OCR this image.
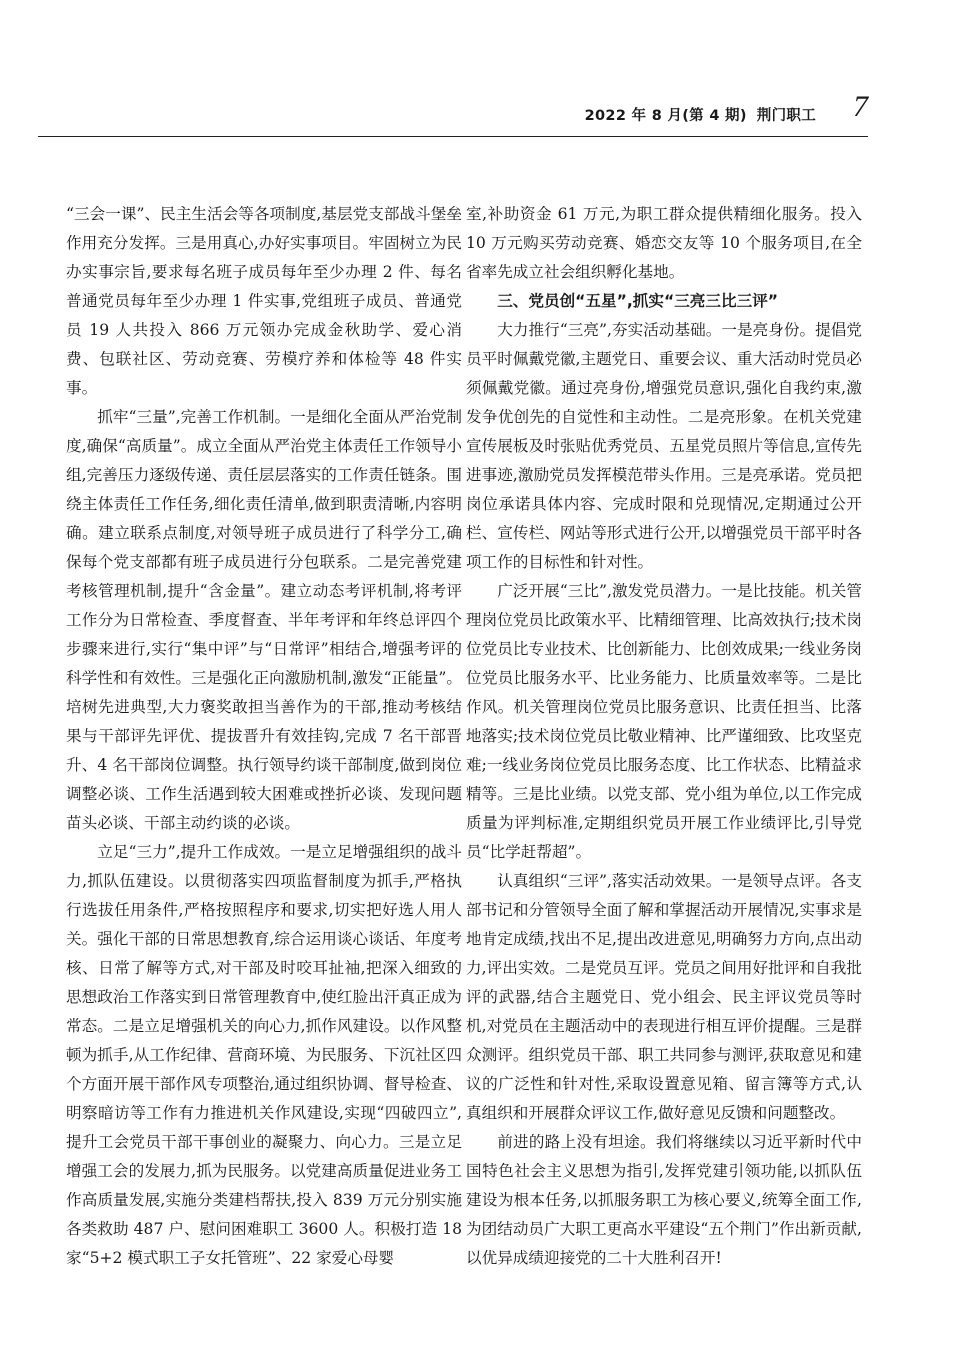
2022 年 8 月(第 4 期) 荆门职工 7

“三会一课”、民主生活会等各项制度,基层党支部战斗堡垒作用充分发挥。三是用真心,办好实事项目。牢固树立为民办实事宗旨,要求每名班子成员每年至少办理 2 件、每名普通党员每年至少办理 1 件实事,党组班子成员、普通党员 19 人共投入 866 万元领办完成金秋助学、爱心消费、包联社区、劳动竞赛、劳模疗养和体检等 48 件实事。

抓牢“三量”,完善工作机制。一是细化全面从严治党制度,确保“高质量”。成立全面从严治党主体责任工作领导小组,完善压力逐级传递、责任层层落实的工作责任链条。围绕主体责任工作任务,细化责任清单,做到职责清晰,内容明确。建立联系点制度,对领导班子成员进行了科学分工,确保每个党支部都有班子成员进行分包联系。二是完善党建考核管理机制,提升“含金量”。建立动态考评机制,将考评工作分为日常检查、季度督查、半年考评和年终总评四个步骤来进行,实行“集中评”与“日常评”相结合,增强考评的科学性和有效性。三是强化正向激励机制,激发“正能量”。培树先进典型,大力褒奖敢担当善作为的干部,推动考核结果与干部评先评优、提拔晋升有效挂钩,完成 7 名干部晋升、4 名干部岗位调整。执行领导约谈干部制度,做到岗位调整必谈、工作生活遇到较大困难或挫折必谈、发现问题苗头必谈、干部主动约谈的必谈。

立足“三力”,提升工作成效。一是立足增强组织的战斗力,抓队伍建设。以贯彻落实四项监督制度为抓手,严格执行选拔任用条件,严格按照程序和要求,切实把好选人用人关。强化干部的日常思想教育,综合运用谈心谈话、年度考核、日常了解等方式,对干部及时咬耳扯袖,把深入细致的思想政治工作落实到日常管理教育中,使红脸出汗真正成为常态。二是立足增强机关的向心力,抓作风建设。以作风整顿为抓手,从工作纪律、营商环境、为民服务、下沉社区四个方面开展干部作风专项整治,通过组织协调、督导检查、明察暗访等工作有力推进机关作风建设,实现“四破四立”,提升工会党员干部干事创业的凝聚力、向心力。三是立足增强工会的发展力,抓为民服务。以党建高质量促进业务工作高质量发展,实施分类建档帮扶,投入 839 万元分别实施各类救助 487 户、慰问困难职工 3600 人。积极打造 18 家“5+2 模式职工子女托管班”、22 家爱心母婴

室,补助资金 61 万元,为职工群众提供精细化服务。投入 10 万元购买劳动竞赛、婚恋交友等 10 个服务项目,在全省率先成立社会组织孵化基地。

三、党员创“五星”,抓实“三亮三比三评”

大力推行“三亮”,夯实活动基础。一是亮身份。提倡党员平时佩戴党徽,主题党日、重要会议、重大活动时党员必须佩戴党徽。通过亮身份,增强党员意识,强化自我约束,激发争优创先的自觉性和主动性。二是亮形象。在机关党建宣传展板及时张贴优秀党员、五星党员照片等信息,宣传先进事迹,激励党员发挥模范带头作用。三是亮承诺。党员把岗位承诺具体内容、完成时限和兑现情况,定期通过公开栏、宣传栏、网站等形式进行公开,以增强党员干部平时各项工作的目标性和针对性。

广泛开展“三比”,激发党员潜力。一是比技能。机关管理岗位党员比政策水平、比精细管理、比高效执行;技术岗位党员比专业技术、比创新能力、比创效成果;一线业务岗位党员比服务水平、比业务能力、比质量效率等。二是比作风。机关管理岗位党员比服务意识、比责任担当、比落地落实;技术岗位党员比敬业精神、比严谨细致、比攻坚克难;一线业务岗位党员比服务态度、比工作状态、比精益求精等。三是比业绩。以党支部、党小组为单位,以工作完成质量为评判标准,定期组织党员开展工作业绩评比,引导党员“比学赶帮超”。

认真组织“三评”,落实活动效果。一是领导点评。各支部书记和分管领导全面了解和掌握活动开展情况,实事求是地肯定成绩,找出不足,提出改进意见,明确努力方向,点出动力,评出实效。二是党员互评。党员之间用好批评和自我批评的武器,结合主题党日、党小组会、民主评议党员等时机,对党员在主题活动中的表现进行相互评价提醒。三是群众测评。组织党员干部、职工共同参与测评,获取意见和建议的广泛性和针对性,采取设置意见箱、留言簿等方式,认真组织和开展群众评议工作,做好意见反馈和问题整改。

前进的路上没有坦途。我们将继续以习近平新时代中国特色社会主义思想为指引,发挥党建引领功能,以抓队伍建设为根本任务,以抓服务职工为核心要义,统筹全面工作,为团结动员广大职工更高水平建设“五个荆门”作出新贡献,以优异成绩迎接党的二十大胜利召开!
